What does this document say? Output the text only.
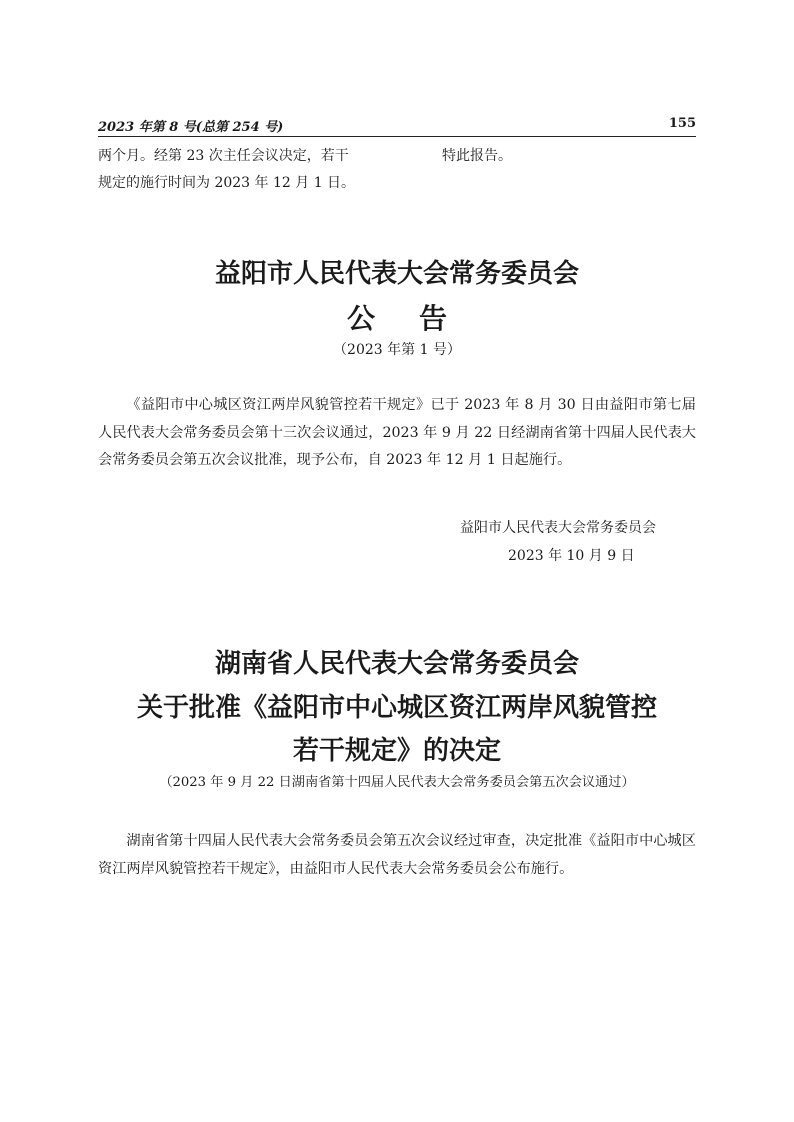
2023 年第 8 号(总第 254 号)	155
两个月。经第 23 次主任会议决定，若干	特此报告。
规定的施行时间为 2023 年 12 月 1 日。
益阳市人民代表大会常务委员会
公告
（2023 年第 1 号）
《益阳市中心城区资江两岸风貌管控若干规定》已于 2023 年 8 月 30 日由益阳市第七届人民代表大会常务委员会第十三次会议通过，2023 年 9 月 22 日经湖南省第十四届人民代表大会常务委员会第五次会议批准，现予公布，自 2023 年 12 月 1 日起施行。
益阳市人民代表大会常务委员会
2023 年 10 月 9 日
湖南省人民代表大会常务委员会
关于批准《益阳市中心城区资江两岸风貌管控
若干规定》的决定
（2023 年 9 月 22 日湖南省第十四届人民代表大会常务委员会第五次会议通过）
湖南省第十四届人民代表大会常务委员会第五次会议经过审查，决定批准《益阳市中心城区资江两岸风貌管控若干规定》，由益阳市人民代表大会常务委员会公布施行。
